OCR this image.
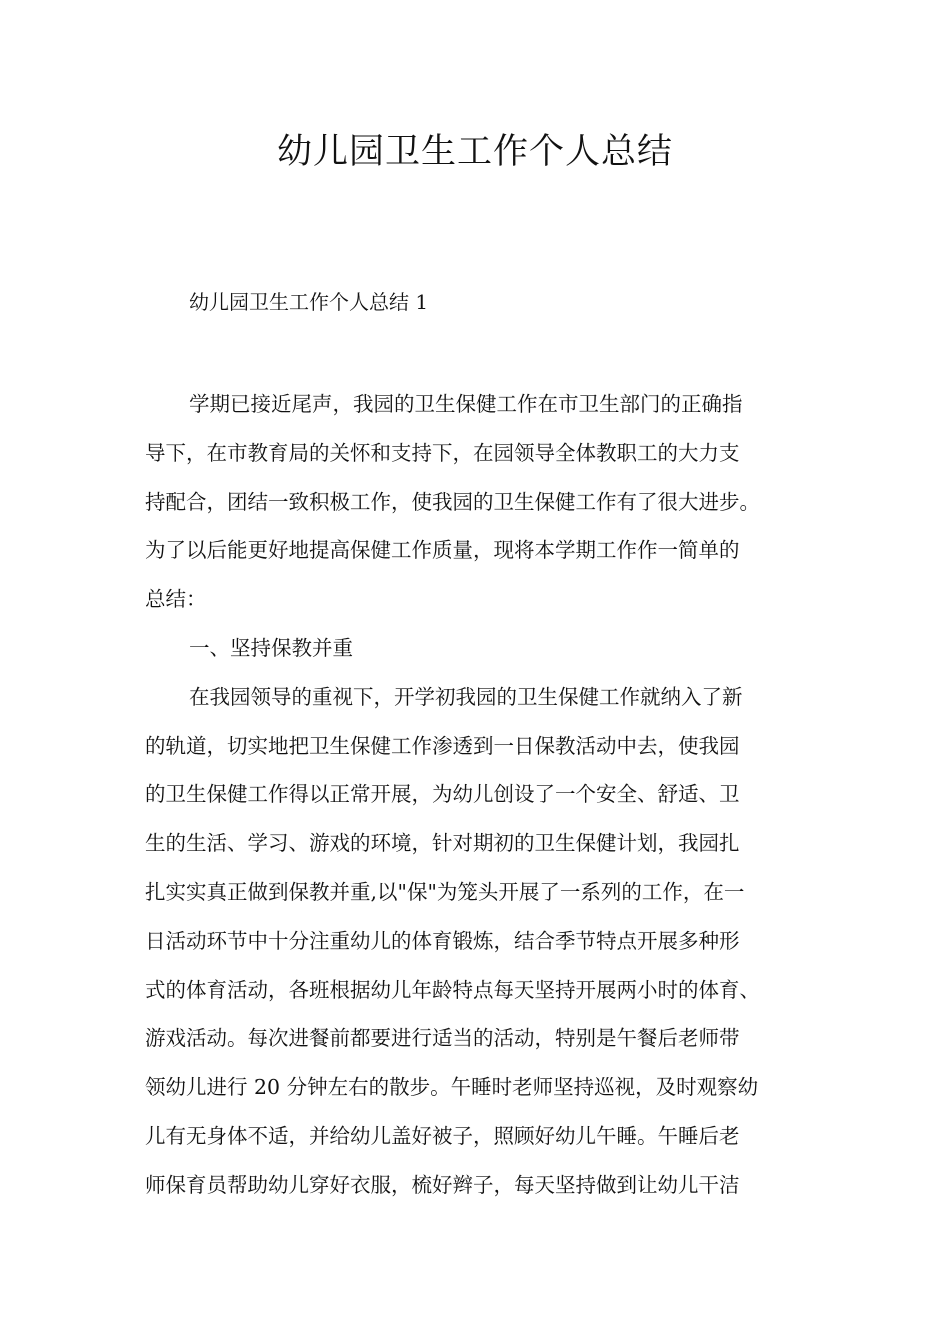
幼儿园卫生工作个人总结

幼儿园卫生工作个人总结 1

学期已接近尾声，我园的卫生保健工作在市卫生部门的正确指
导下，在市教育局的关怀和支持下，在园领导全体教职工的大力支
持配合，团结一致积极工作，使我园的卫生保健工作有了很大进步。
为了以后能更好地提高保健工作质量，现将本学期工作作一简单的
总结：
一、坚持保教并重
在我园领导的重视下，开学初我园的卫生保健工作就纳入了新
的轨道，切实地把卫生保健工作渗透到一日保教活动中去，使我园
的卫生保健工作得以正常开展，为幼儿创设了一个安全、舒适、卫
生的生活、学习、游戏的环境，针对期初的卫生保健计划，我园扎
扎实实真正做到保教并重,以"保"为笼头开展了一系列的工作，在一
日活动环节中十分注重幼儿的体育锻炼，结合季节特点开展多种形
式的体育活动，各班根据幼儿年龄特点每天坚持开展两小时的体育、
游戏活动。每次进餐前都要进行适当的活动，特别是午餐后老师带
领幼儿进行 20 分钟左右的散步。午睡时老师坚持巡视，及时观察幼
儿有无身体不适，并给幼儿盖好被子，照顾好幼儿午睡。午睡后老
师保育员帮助幼儿穿好衣服，梳好辫子，每天坚持做到让幼儿干洁
